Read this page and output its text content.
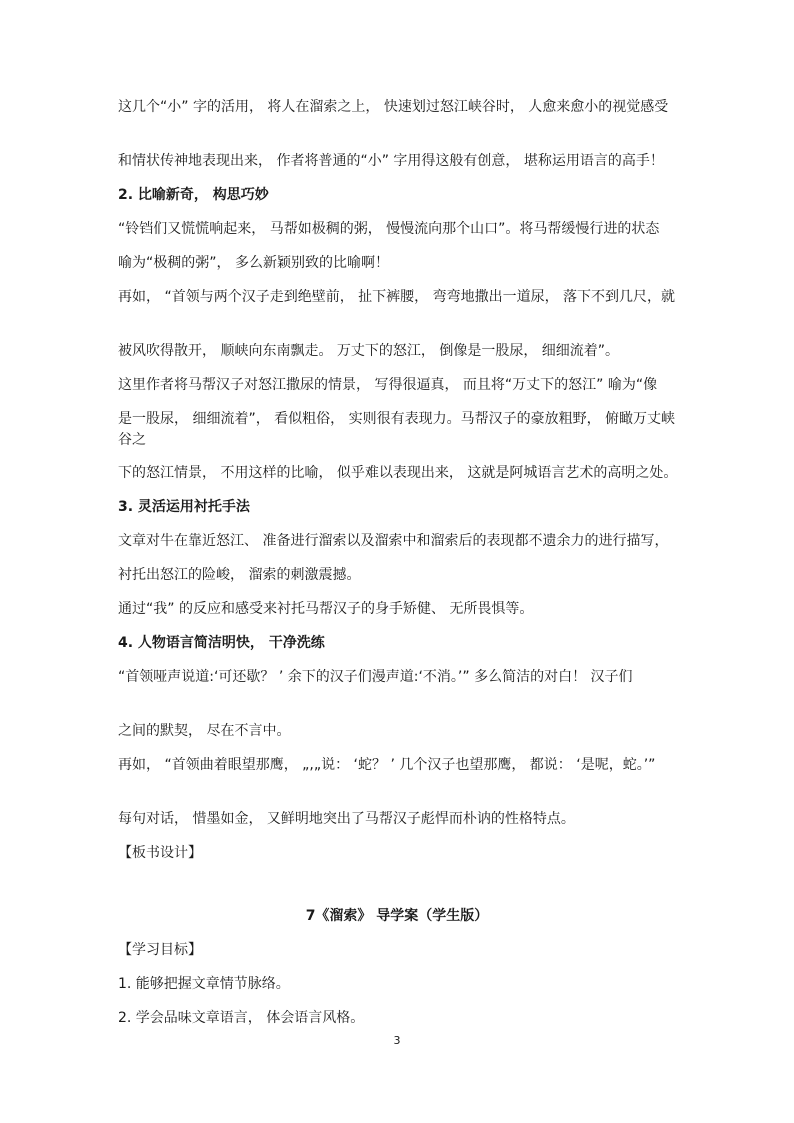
这几个“小” 字的活用， 将人在溜索之上， 快速划过怒江峡谷时， 人愈来愈小的视觉感受
和情状传神地表现出来， 作者将普通的“小” 字用得这般有创意， 堪称运用语言的高手！
2. 比喻新奇， 构思巧妙
“铃铛们又慌慌响起来， 马帮如极稠的粥， 慢慢流向那个山口”。将马帮缓慢行进的状态
喻为“极稠的粥”， 多么新颖别致的比喻啊！
再如， “首领与两个汉子走到绝壁前， 扯下裤腰， 弯弯地撒出一道尿， 落下不到几尺，就
被风吹得散开， 顺峡向东南飘走。 万丈下的怒江， 倒像是一股尿， 细细流着”。
这里作者将马帮汉子对怒江撒尿的情景， 写得很逼真， 而且将“万丈下的怒江” 喻为“像
是一股尿， 细细流着”， 看似粗俗， 实则很有表现力。马帮汉子的豪放粗野， 俯瞰万丈峡谷之
下的怒江情景， 不用这样的比喻， 似乎难以表现出来， 这就是阿城语言艺术的高明之处。
3. 灵活运用衬托手法
文章对牛在靠近怒江、 准备进行溜索以及溜索中和溜索后的表现都不遗余力的进行描写，
衬托出怒江的险峻， 溜索的刺激震撼。
通过“我” 的反应和感受来衬托马帮汉子的身手矫健、 无所畏惧等。
4. 人物语言简洁明快， 干净洗练
“首领哑声说道:‘可还歇？ ’ 余下的汉子们漫声道:‘不消。’” 多么简洁的对白！ 汉子们
之间的默契， 尽在不言中。
再如， “首领曲着眼望那鹰， „,„说： ‘蛇？ ’ 几个汉子也望那鹰， 都说： ‘是呢，蛇。’”
每句对话， 惜墨如金， 又鲜明地突出了马帮汉子彪悍而朴讷的性格特点。
【板书设计】
7《溜索》 导学案（学生版）
【学习目标】
1. 能够把握文章情节脉络。
2. 学会品味文章语言， 体会语言风格。
3
